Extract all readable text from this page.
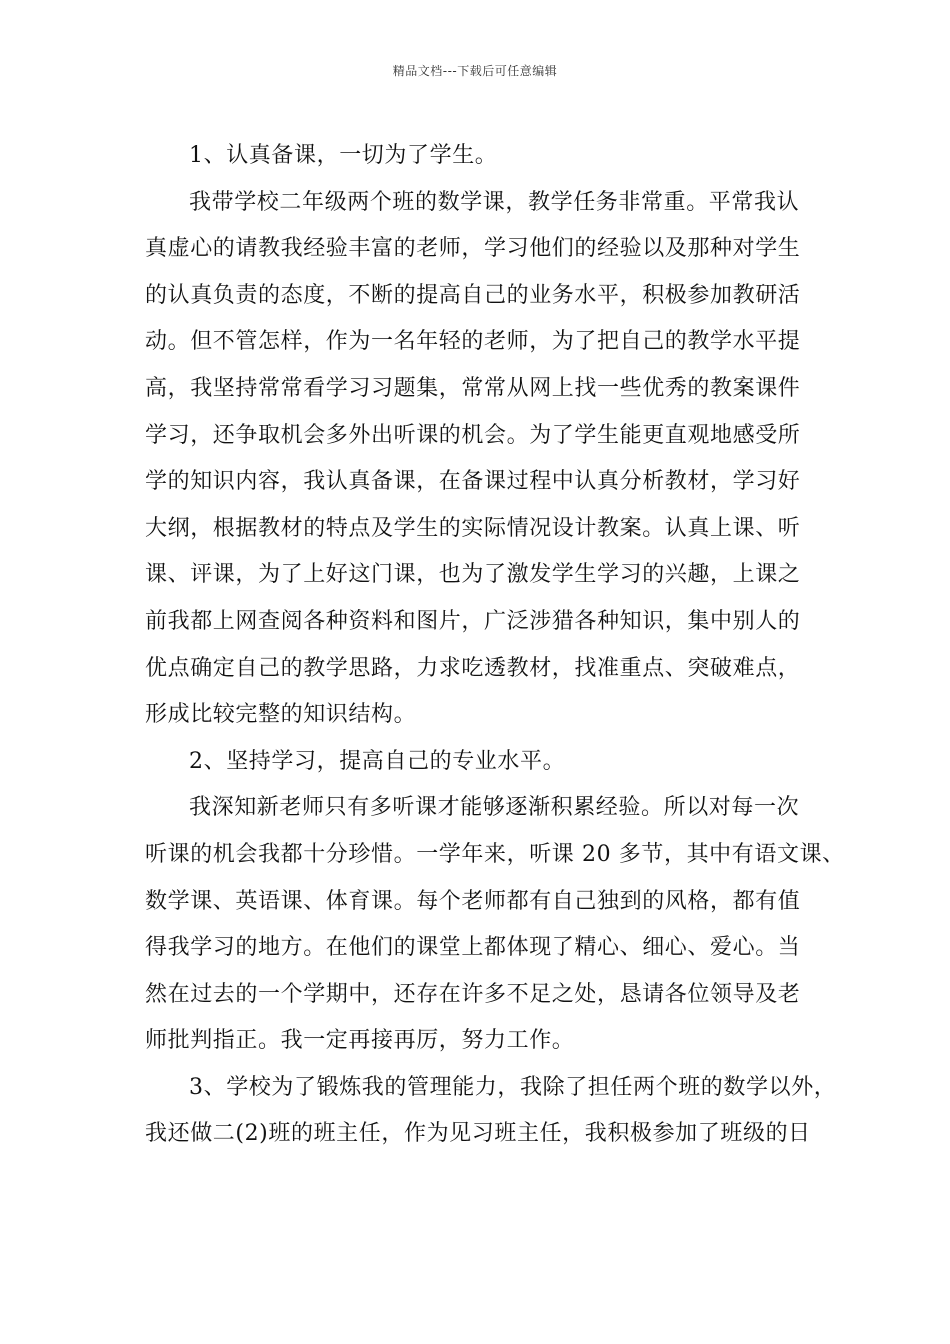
精品文档---下载后可任意编辑
1、认真备课，一切为了学生。
我带学校二年级两个班的数学课，教学任务非常重。平常我认
真虚心的请教我经验丰富的老师，学习他们的经验以及那种对学生
的认真负责的态度，不断的提高自己的业务水平，积极参加教研活
动。但不管怎样，作为一名年轻的老师，为了把自己的教学水平提
高，我坚持常常看学习习题集，常常从网上找一些优秀的教案课件
学习，还争取机会多外出听课的机会。为了学生能更直观地感受所
学的知识内容，我认真备课，在备课过程中认真分析教材，学习好
大纲，根据教材的特点及学生的实际情况设计教案。认真上课、听
课、评课，为了上好这门课，也为了激发学生学习的兴趣，上课之
前我都上网查阅各种资料和图片，广泛涉猎各种知识，集中别人的
优点确定自己的教学思路，力求吃透教材，找准重点、突破难点，
形成比较完整的知识结构。
2、坚持学习，提高自己的专业水平。
我深知新老师只有多听课才能够逐渐积累经验。所以对每一次
听课的机会我都十分珍惜。一学年来，听课 20 多节，其中有语文课、
数学课、英语课、体育课。每个老师都有自己独到的风格，都有值
得我学习的地方。在他们的课堂上都体现了精心、细心、爱心。当
然在过去的一个学期中，还存在许多不足之处，恳请各位领导及老
师批判指正。我一定再接再厉，努力工作。
3、学校为了锻炼我的管理能力，我除了担任两个班的数学以外，
我还做二(2)班的班主任，作为见习班主任，我积极参加了班级的日
